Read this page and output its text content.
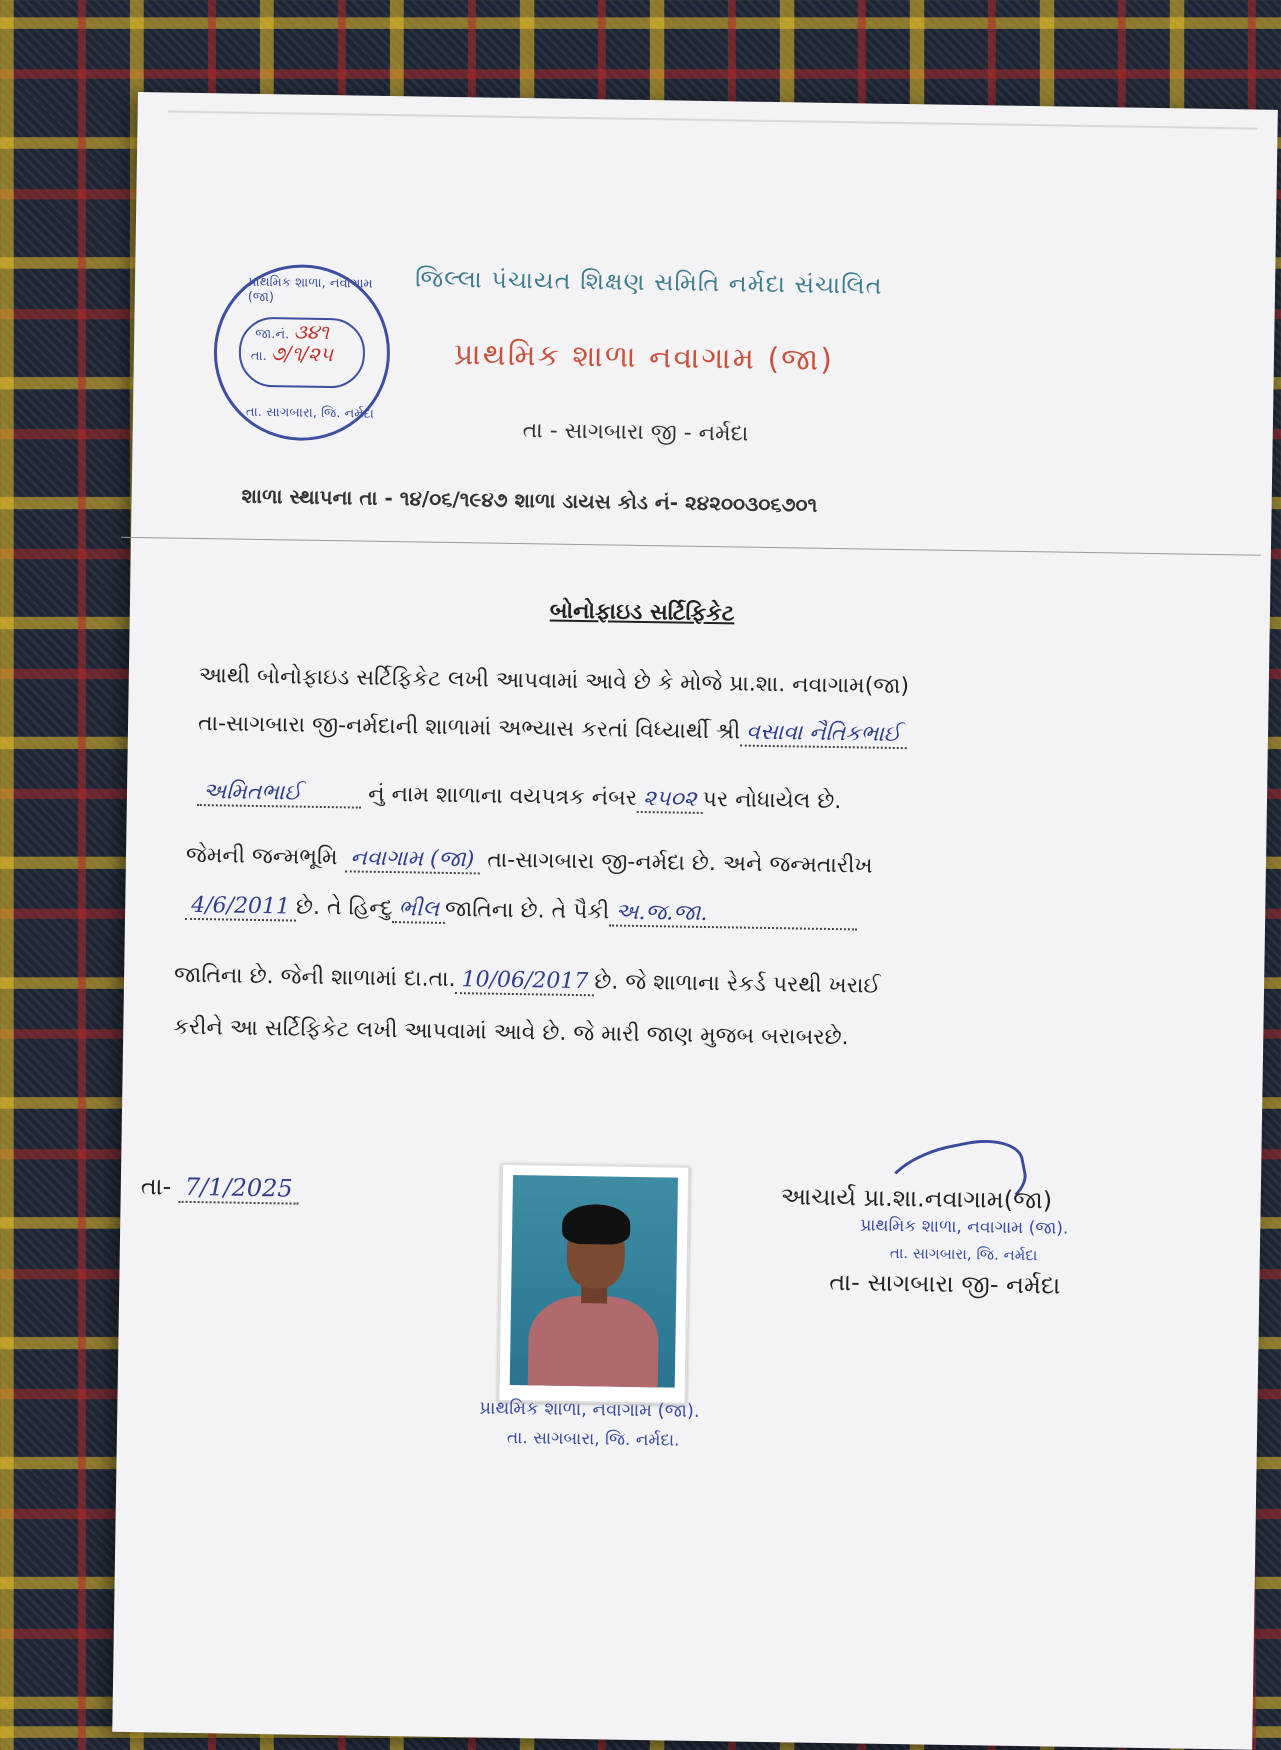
પ્રાથમિક શાળા, નવાગામ (જા)
જા.નં. ૩૪૧
તા. ૭/૧/૨૫
તા. સાગબારા, જિ. નર્મદા
જિલ્લા પંચાયત શિક્ષણ સમિતિ નર્મદા સંચાલિત
પ્રાથમિક શાળા નવાગામ (જા)
તા - સાગબારા જી - નર્મદા
શાળા સ્થાપના તા - ૧૪/૦૬/૧૯૪૭ શાળા ડાયસ કોડ નં- ૨૪૨૦૦૩૦૬૭૦૧
બોનોફાઇડ સર્ટિફિકેટ
આથી બોનોફાઇડ સર્ટિફિકેટ લખી આપવામાં આવે છે કે મોજે પ્રા.શા. નવાગામ(જા)
તા-સાગબારા જી-નર્મદાની શાળામાં અભ્યાસ કરતાં વિધ્યાર્થી શ્રી વસાવા નૈતિકભાઈ
અમિતભાઈ	નું નામ શાળાના વયપત્રક નંબર ૨૫૦૨ પર નોધાયેલ છે.
જેમની જન્મભૂમિ નવાગામ (જા) તા-સાગબારા જી-નર્મદા છે. અને જન્મતારીખ
4/6/2011 છે. તે હિન્દુ ભીલ જાતિના છે. તે પૈકી અ.જ.જા.
જાતિના છે. જેની શાળામાં દા.તા. 10/06/2017 છે. જે શાળાના રેકર્ડ પરથી ખરાઈ
કરીને આ સર્ટિફિકેટ લખી આપવામાં આવે છે. જે મારી જાણ મુજબ બરાબરછે.
તા- 7/1/2025
પ્રાથમિક શાળા, નવાગામ (જા).
તા. સાગબારા, જિ. નર્મદા.
આચાર્ય પ્રા.શા.નવાગામ(જા)
પ્રાથમિક શાળા, નવાગામ (જા).
તા. સાગબારા, જિ. નર્મદા
તા- સાગબારા જી- નર્મદા
